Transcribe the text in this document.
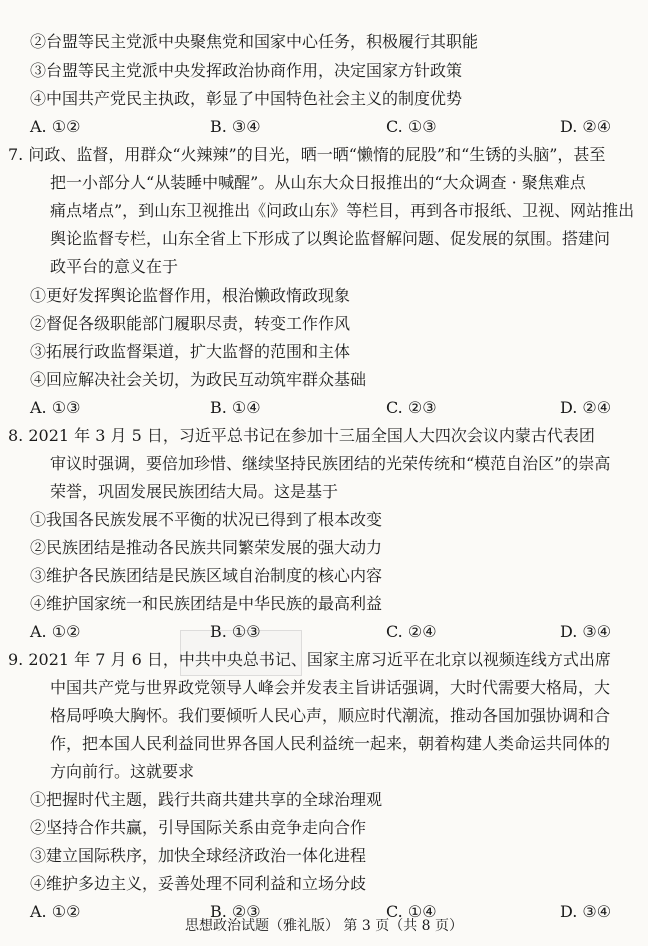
②台盟等民主党派中央聚焦党和国家中心任务，积极履行其职能
③台盟等民主党派中央发挥政治协商作用，决定国家方针政策
④中国共产党民主执政，彰显了中国特色社会主义的制度优势
A. ①②	B. ③④	C. ①③	D. ②④
7. 问政、监督，用群众“火辣辣”的目光，晒一晒“懒惰的屁股”和“生锈的头脑”，甚至
把一小部分人“从装睡中喊醒”。从山东大众日报推出的“大众调查 · 聚焦难点
痛点堵点”，到山东卫视推出《问政山东》等栏目，再到各市报纸、卫视、网站推出
舆论监督专栏，山东全省上下形成了以舆论监督解问题、促发展的氛围。搭建问
政平台的意义在于
①更好发挥舆论监督作用，根治懒政惰政现象
②督促各级职能部门履职尽责，转变工作作风
③拓展行政监督渠道，扩大监督的范围和主体
④回应解决社会关切，为政民互动筑牢群众基础
A. ①③	B. ①④	C. ②③	D. ②④
8. 2021 年 3 月 5 日，习近平总书记在参加十三届全国人大四次会议内蒙古代表团
审议时强调，要倍加珍惜、继续坚持民族团结的光荣传统和“模范自治区”的崇高
荣誉，巩固发展民族团结大局。这是基于
①我国各民族发展不平衡的状况已得到了根本改变
②民族团结是推动各民族共同繁荣发展的强大动力
③维护各民族团结是民族区域自治制度的核心内容
④维护国家统一和民族团结是中华民族的最高利益
A. ①②	B. ①③	C. ②④	D. ③④
9. 2021 年 7 月 6 日，中共中央总书记、国家主席习近平在北京以视频连线方式出席
中国共产党与世界政党领导人峰会并发表主旨讲话强调，大时代需要大格局，大
格局呼唤大胸怀。我们要倾听人民心声，顺应时代潮流，推动各国加强协调和合
作，把本国人民利益同世界各国人民利益统一起来，朝着构建人类命运共同体的
方向前行。这就要求
①把握时代主题，践行共商共建共享的全球治理观
②坚持合作共赢，引导国际关系由竞争走向合作
③建立国际秩序，加快全球经济政治一体化进程
④维护多边主义，妥善处理不同利益和立场分歧
A. ①②	B. ②③	C. ①④	D. ③④
思想政治试题（雅礼版） 第 3 页（共 8 页）
